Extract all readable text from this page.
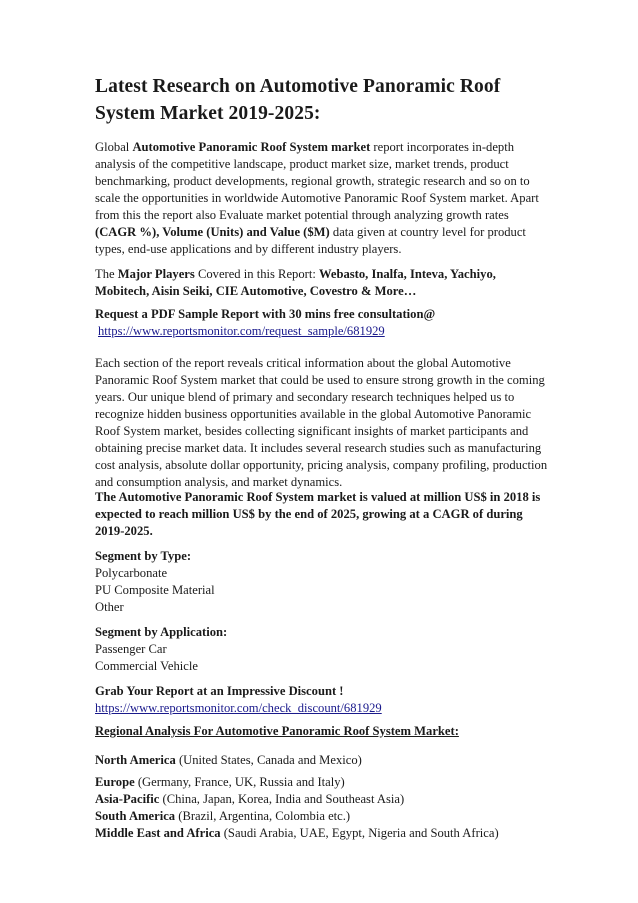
Latest Research on Automotive Panoramic Roof
System Market 2019-2025:

Global Automotive Panoramic Roof System market report incorporates in-depth analysis of the competitive landscape, product market size, market trends, product benchmarking, product developments, regional growth, strategic research and so on to scale the opportunities in worldwide Automotive Panoramic Roof System market. Apart from this the report also Evaluate market potential through analyzing growth rates (CAGR %), Volume (Units) and Value ($M) data given at country level for product types, end-use applications and by different industry players.

The Major Players Covered in this Report: Webasto, Inalfa, Inteva, Yachiyo, Mobitech, Aisin Seiki, CIE Automotive, Covestro & More…

Request a PDF Sample Report with 30 mins free consultation@

https://www.reportsmonitor.com/request_sample/681929

Each section of the report reveals critical information about the global Automotive Panoramic Roof System market that could be used to ensure strong growth in the coming years. Our unique blend of primary and secondary research techniques helped us to recognize hidden business opportunities available in the global Automotive Panoramic Roof System market, besides collecting significant insights of market participants and obtaining precise market data. It includes several research studies such as manufacturing cost analysis, absolute dollar opportunity, pricing analysis, company profiling, production and consumption analysis, and market dynamics.

The Automotive Panoramic Roof System market is valued at million US$ in 2018 is expected to reach million US$ by the end of 2025, growing at a CAGR of during 2019-2025.

Segment by Type:

Polycarbonate

PU Composite Material

Other

Segment by Application:

Passenger Car

Commercial Vehicle

Grab Your Report at an Impressive Discount !

https://www.reportsmonitor.com/check_discount/681929

Regional Analysis For Automotive Panoramic Roof System Market:

North America (United States, Canada and Mexico)

Europe (Germany, France, UK, Russia and Italy)

Asia-Pacific (China, Japan, Korea, India and Southeast Asia)

South America (Brazil, Argentina, Colombia etc.)

Middle East and Africa (Saudi Arabia, UAE, Egypt, Nigeria and South Africa)
